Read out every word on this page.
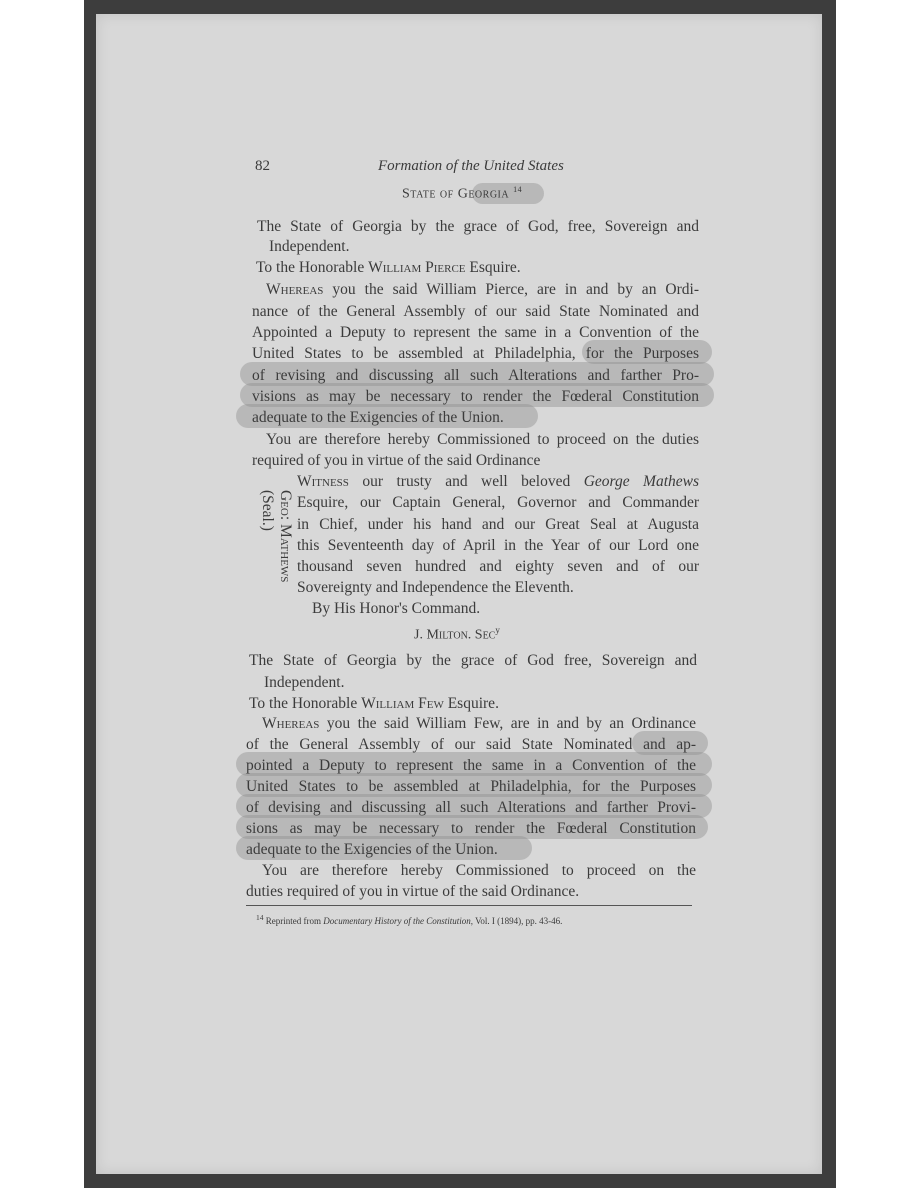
82	Formation of the United States

State of Georgia $^{14}$

The State of Georgia by the grace of God, free, Sovereign and

Independent.

To the Honorable William Pierce Esquire.

Whereas you the said William Pierce, are in and by an Ordi-

nance of the General Assembly of our said State Nominated and

Appointed a Deputy to represent the same in a Convention of the

United States to be assembled at Philadelphia, for the Purposes

of revising and discussing all such Alterations and farther Pro-

visions as may be necessary to render the Fœderal Constitution

adequate to the Exigencies of the Union.

You are therefore hereby Commissioned to proceed on the duties

required of you in virtue of the said Ordinance

Witness our trusty and well beloved George Mathews

Esquire, our Captain General, Governor and Commander

in Chief, under his hand and our Great Seal at Augusta

this Seventeenth day of April in the Year of our Lord one

thousand seven hundred and eighty seven and of our

Sovereignty and Independence the Eleventh.

By His Honor's Command.

J. Milton. Sec$^y$

Geo: Mathews
(Seal.)

The State of Georgia by the grace of God free, Sovereign and

Independent.

To the Honorable William Few Esquire.

Whereas you the said William Few, are in and by an Ordinance

of the General Assembly of our said State Nominated and ap-

pointed a Deputy to represent the same in a Convention of the

United States to be assembled at Philadelphia, for the Purposes

of devising and discussing all such Alterations and farther Provi-

sions as may be necessary to render the Fœderal Constitution

adequate to the Exigencies of the Union.

You are therefore hereby Commissioned to proceed on the

duties required of you in virtue of the said Ordinance.

$^{14}$ Reprinted from Documentary History of the Constitution, Vol. I (1894), pp. 43-46.
